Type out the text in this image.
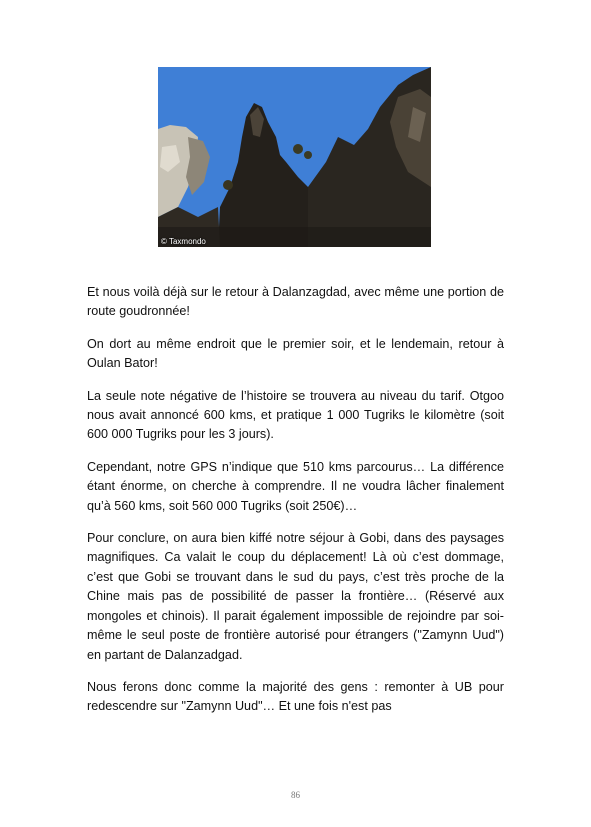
© Taxmondo

Et nous voilà déjà sur le retour à Dalanzagdad, avec même une portion de route goudronnée!

On dort au même endroit que le premier soir, et le lendemain, retour à Oulan Bator!

La seule note négative de l’histoire se trouvera au niveau du tarif. Otgoo nous avait annoncé 600 kms, et pratique 1 000 Tugriks le kilomètre (soit 600 000 Tugriks pour les 3 jours).

Cependant, notre GPS n’indique que 510 kms parcourus… La différence étant énorme, on cherche à comprendre. Il ne voudra lâcher finalement qu’à 560 kms, soit 560 000 Tugriks (soit 250€)…

Pour conclure, on aura bien kiffé notre séjour à Gobi, dans des paysages magnifiques. Ca valait le coup du déplacement! Là où c’est dommage, c’est que Gobi se trouvant dans le sud du pays, c’est très proche de la Chine mais pas de possibilité de passer la frontière… (Réservé aux mongoles et chinois). Il parait également impossible de rejoindre par soi-même le seul poste de frontière autorisé pour étrangers ("Zamynn Uud") en partant de Dalanzadgad.

Nous ferons donc comme la majorité des gens : remonter à UB pour redescendre sur "Zamynn Uud"… Et une fois n'est pas

86
